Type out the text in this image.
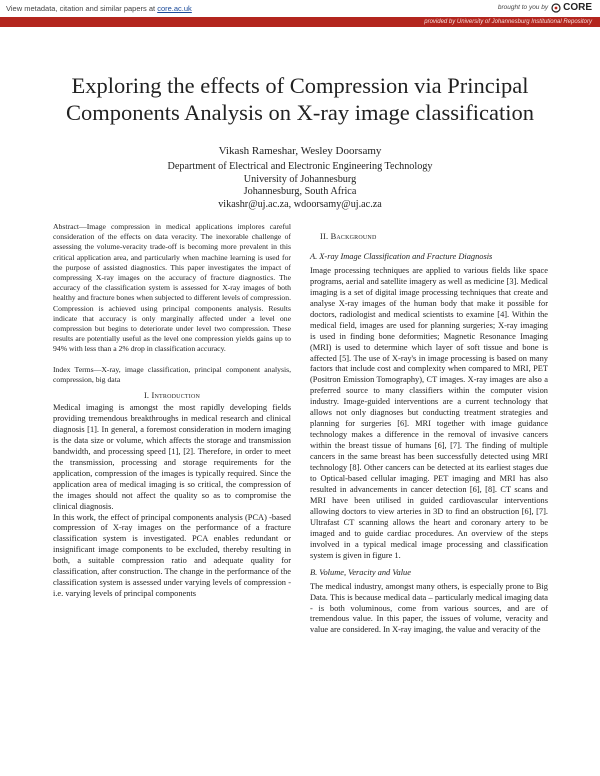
View metadata, citation and similar papers at core.ac.uk	brought to you by CORE
provided by University of Johannesburg Institutional Repository
Exploring the effects of Compression via Principal Components Analysis on X-ray image classification
Vikash Rameshar, Wesley Doorsamy
Department of Electrical and Electronic Engineering Technology
University of Johannesburg
Johannesburg, South Africa
vikashr@uj.ac.za, wdoorsamy@uj.ac.za

Abstract—Image compression in medical applications implores careful consideration of the effects on data veracity. The inexorable challenge of assessing the volume-veracity trade-off is becoming more prevalent in this critical application area, and particularly when machine learning is used for the purpose of assisted diagnostics. This paper investigates the impact of compressing X-ray images on the accuracy of fracture diagnostics. The accuracy of the classification system is assessed for X-ray images of both healthy and fracture bones when subjected to different levels of compression. Compression is achieved using principal components analysis. Results indicate that accuracy is only marginally affected under a level one compression but begins to deteriorate under level two compression. These results are potentially useful as the level one compression yields gains up to 94% with less than a 2% drop in classification accuracy.

Index Terms—X-ray, image classification, principal component analysis, compression, big data

I. Introduction

Medical imaging is amongst the most rapidly developing fields providing tremendous breakthroughs in medical research and clinical diagnosis [1]. In general, a foremost consideration in modern imaging is the data size or volume, which affects the storage and transmission bandwidth, and processing speed [1], [2]. Therefore, in order to meet the transmission, processing and storage requirements for the application, compression of the images is typically required. Since the application area of medical imaging is so critical, the compression of the images should not affect the quality so as to compromise the clinical diagnosis.

In this work, the effect of principal components analysis (PCA) -based compression of X-ray images on the performance of a fracture classification system is investigated. PCA enables redundant or insignificant image components to be excluded, thereby resulting in both, a suitable compression ratio and adequate quality for classification, after construction. The change in the performance of the classification system is assessed under varying levels of compression - i.e. varying levels of principal components

II. Background
A. X-ray Image Classification and Fracture Diagnosis

Image processing techniques are applied to various fields like space programs, aerial and satellite imagery as well as medicine [3]. Medical imaging is a set of digital image processing techniques that create and analyse X-ray images of the human body that make it possible for doctors, radiologist and medical scientists to examine [4]. Within the medical field, images are used for planning surgeries; X-ray imaging is used in finding bone deformities; Magnetic Resonance Imaging (MRI) is used to determine which layer of soft tissue and bone is affected [5]. The use of X-ray's in image processing is based on many factors that include cost and complexity when compared to MRI, PET (Positron Emission Tomography), CT images. X-ray images are also a preferred source to many classifiers within the computer vision industry. Image-guided interventions are a current technology that allows not only diagnoses but conducting treatment strategies and planning for surgeries [6]. MRI together with image guidance technology makes a difference in the removal of invasive cancers within the breast tissue of humans [6], [7]. The finding of multiple cancers in the same breast has been successfully detected using MRI technology [8]. Other cancers can be detected at its earliest stages due to Optical-based cellular imaging. PET imaging and MRI has also resulted in advancements in cancer detection [6], [8]. CT scans and MRI have been utilised in guided cardiovascular interventions allowing doctors to view arteries in 3D to find an obstruction [6], [7]. Ultrafast CT scanning allows the heart and coronary artery to be imaged and to guide cardiac procedures. An overview of the steps involved in a typical medical image processing and classification system is given in figure 1.

B. Volume, Veracity and Value

The medical industry, amongst many others, is especially prone to Big Data. This is because medical data – particularly medical imaging data - is both voluminous, come from various sources, and are of tremendous value. In this paper, the issues of volume, veracity and value are considered. In X-ray imaging, the value and veracity of the
